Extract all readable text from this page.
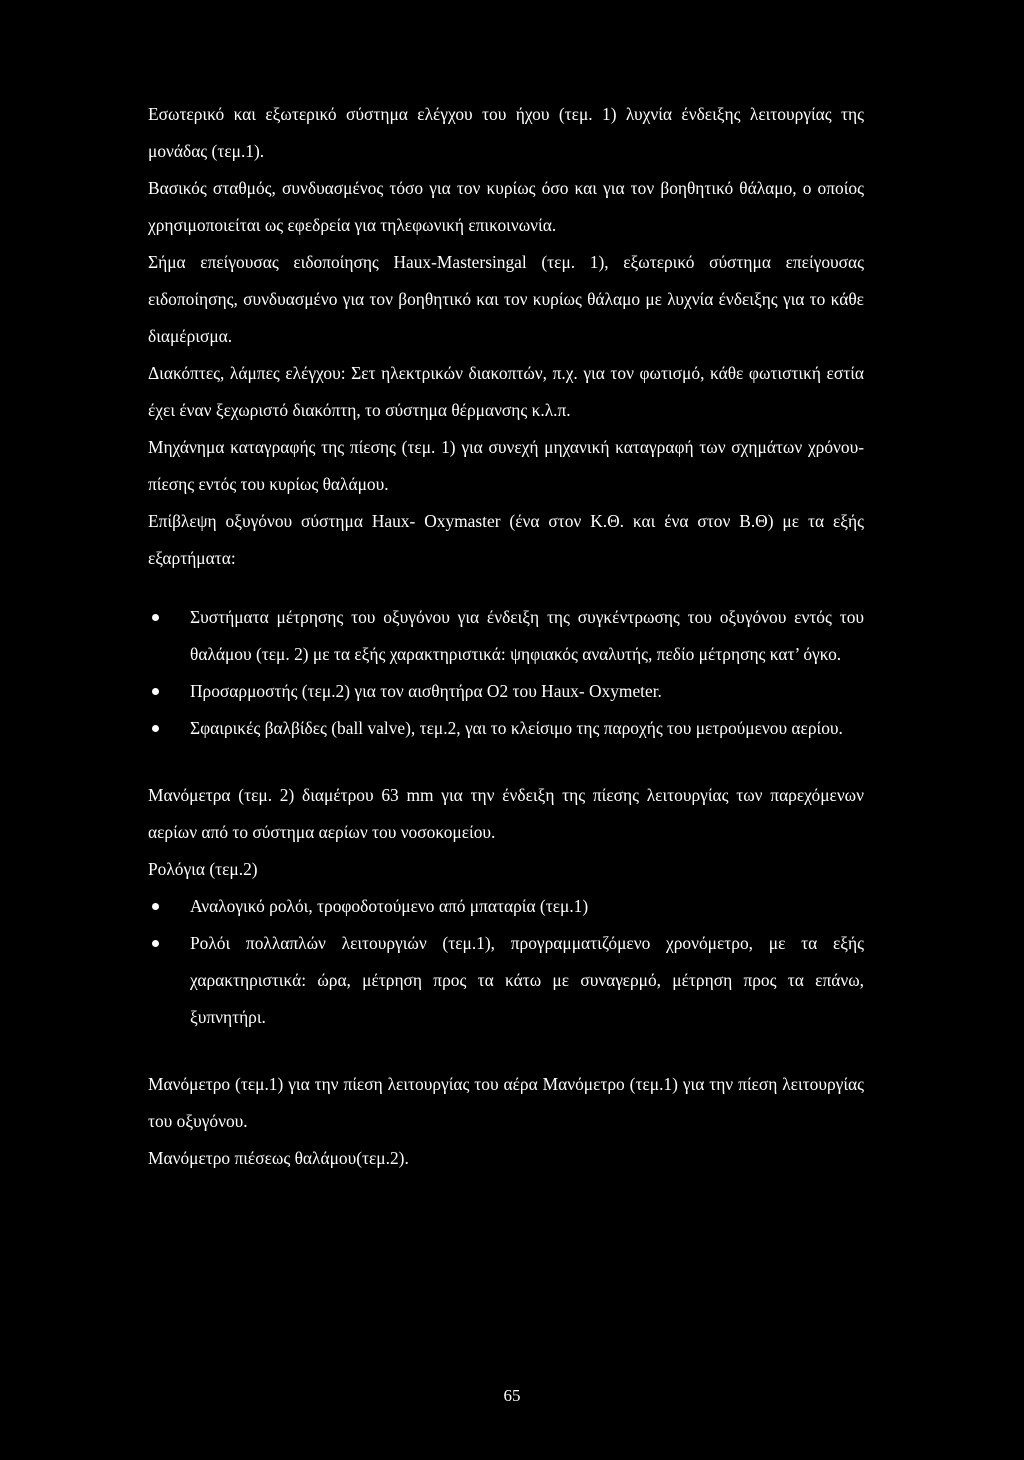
Εσωτερικό και εξωτερικό σύστημα ελέγχου του ήχου (τεμ. 1) λυχνία ένδειξης λειτουργίας της μονάδας (τεμ.1).

Βασικός σταθμός, συνδυασμένος τόσο για τον κυρίως όσο και για τον βοηθητικό θάλαμο, ο οποίος χρησιμοποιείται ως εφεδρεία για τηλεφωνική επικοινωνία.

Σήμα επείγουσας ειδοποίησης Haux-Mastersingal (τεμ. 1), εξωτερικό σύστημα επείγουσας ειδοποίησης, συνδυασμένο για τον βοηθητικό και τον κυρίως θάλαμο με λυχνία ένδειξης για το κάθε διαμέρισμα.

Διακόπτες, λάμπες ελέγχου: Σετ ηλεκτρικών διακοπτών, π.χ. για τον φωτισμό, κάθε φωτιστική εστία έχει έναν ξεχωριστό διακόπτη, το σύστημα θέρμανσης κ.λ.π.

Μηχάνημα καταγραφής της πίεσης (τεμ. 1) για συνεχή μηχανική καταγραφή των σχημάτων χρόνου- πίεσης εντός του κυρίως θαλάμου.

Επίβλεψη οξυγόνου σύστημα Haux- Oxymaster (ένα στον Κ.Θ. και ένα στον Β.Θ) με τα εξής εξαρτήματα:

Συστήματα μέτρησης του οξυγόνου για ένδειξη της συγκέντρωσης του οξυγόνου εντός του θαλάμου (τεμ. 2) με τα εξής χαρακτηριστικά: ψηφιακός αναλυτής, πεδίο μέτρησης κατ’ όγκο.
Προσαρμοστής (τεμ.2) για τον αισθητήρα O2 του Haux- Oxymeter.
Σφαιρικές βαλβίδες (ball valve), τεμ.2, γαι το κλείσιμο της παροχής του μετρούμενου αερίου.

Μανόμετρα (τεμ. 2) διαμέτρου 63 mm για την ένδειξη της πίεσης λειτουργίας των παρεχόμενων αερίων από το σύστημα αερίων του νοσοκομείου.

Ρολόγια (τεμ.2)

Αναλογικό ρολόι, τροφοδοτούμενο από μπαταρία (τεμ.1)
Ρολόι πολλαπλών λειτουργιών (τεμ.1), προγραμματιζόμενο χρονόμετρο, με τα εξής χαρακτηριστικά: ώρα, μέτρηση προς τα κάτω με συναγερμό, μέτρηση προς τα επάνω, ξυπνητήρι.

Μανόμετρο (τεμ.1) για την πίεση λειτουργίας του αέρα Μανόμετρο (τεμ.1) για την πίεση λειτουργίας του οξυγόνου.

Μανόμετρο πιέσεως θαλάμου(τεμ.2).

65
